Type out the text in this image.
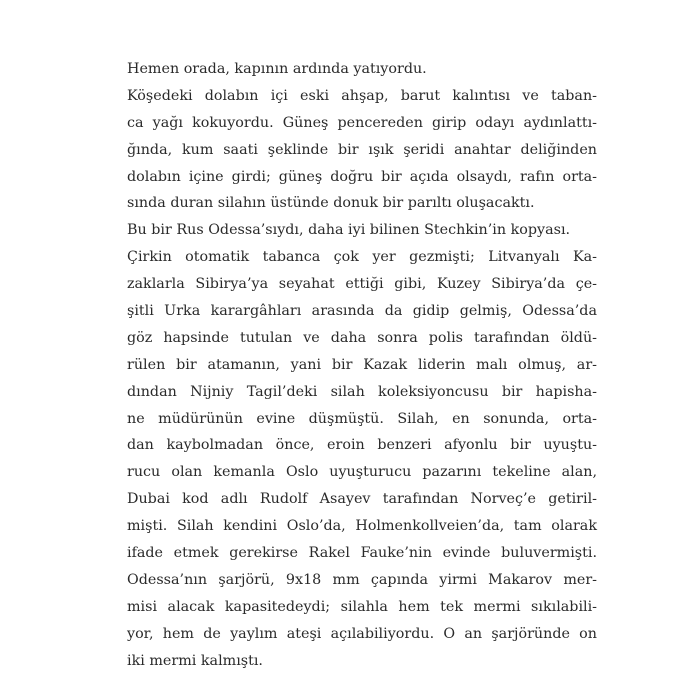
Hemen orada, kapının ardında yatıyordu.
Köşedeki dolabın içi eski ahşap, barut kalıntısı ve taban-
ca yağı kokuyordu. Güneş pencereden girip odayı aydınlattı-
ğında, kum saati şeklinde bir ışık şeridi anahtar deliğinden
dolabın içine girdi; güneş doğru bir açıda olsaydı, rafın orta-
sında duran silahın üstünde donuk bir parıltı oluşacaktı.
Bu bir Rus Odessa’sıydı, daha iyi bilinen Stechkin’in kopyası.
Çirkin otomatik tabanca çok yer gezmişti; Litvanyalı Ka-
zaklarla Sibirya’ya seyahat ettiği gibi, Kuzey Sibirya’da çe-
şitli Urka karargâhları arasında da gidip gelmiş, Odessa’da
göz hapsinde tutulan ve daha sonra polis tarafından öldü-
rülen bir atamanın, yani bir Kazak liderin malı olmuş, ar-
dından Nijniy Tagil’deki silah koleksiyoncusu bir hapisha-
ne müdürünün evine düşmüştü. Silah, en sonunda, orta-
dan kaybolmadan önce, eroin benzeri afyonlu bir uyuştu-
rucu olan kemanla Oslo uyuşturucu pazarını tekeline alan,
Dubai kod adlı Rudolf Asayev tarafından Norveç’e getiril-
mişti. Silah kendini Oslo’da, Holmenkollveien’da, tam olarak
ifade etmek gerekirse Rakel Fauke’nin evinde buluvermişti.
Odessa’nın şarjörü, 9x18 mm çapında yirmi Makarov mer-
misi alacak kapasitedeydi; silahla hem tek mermi sıkılabili-
yor, hem de yaylım ateşi açılabiliyordu. O an şarjöründe on
iki mermi kalmıştı.
